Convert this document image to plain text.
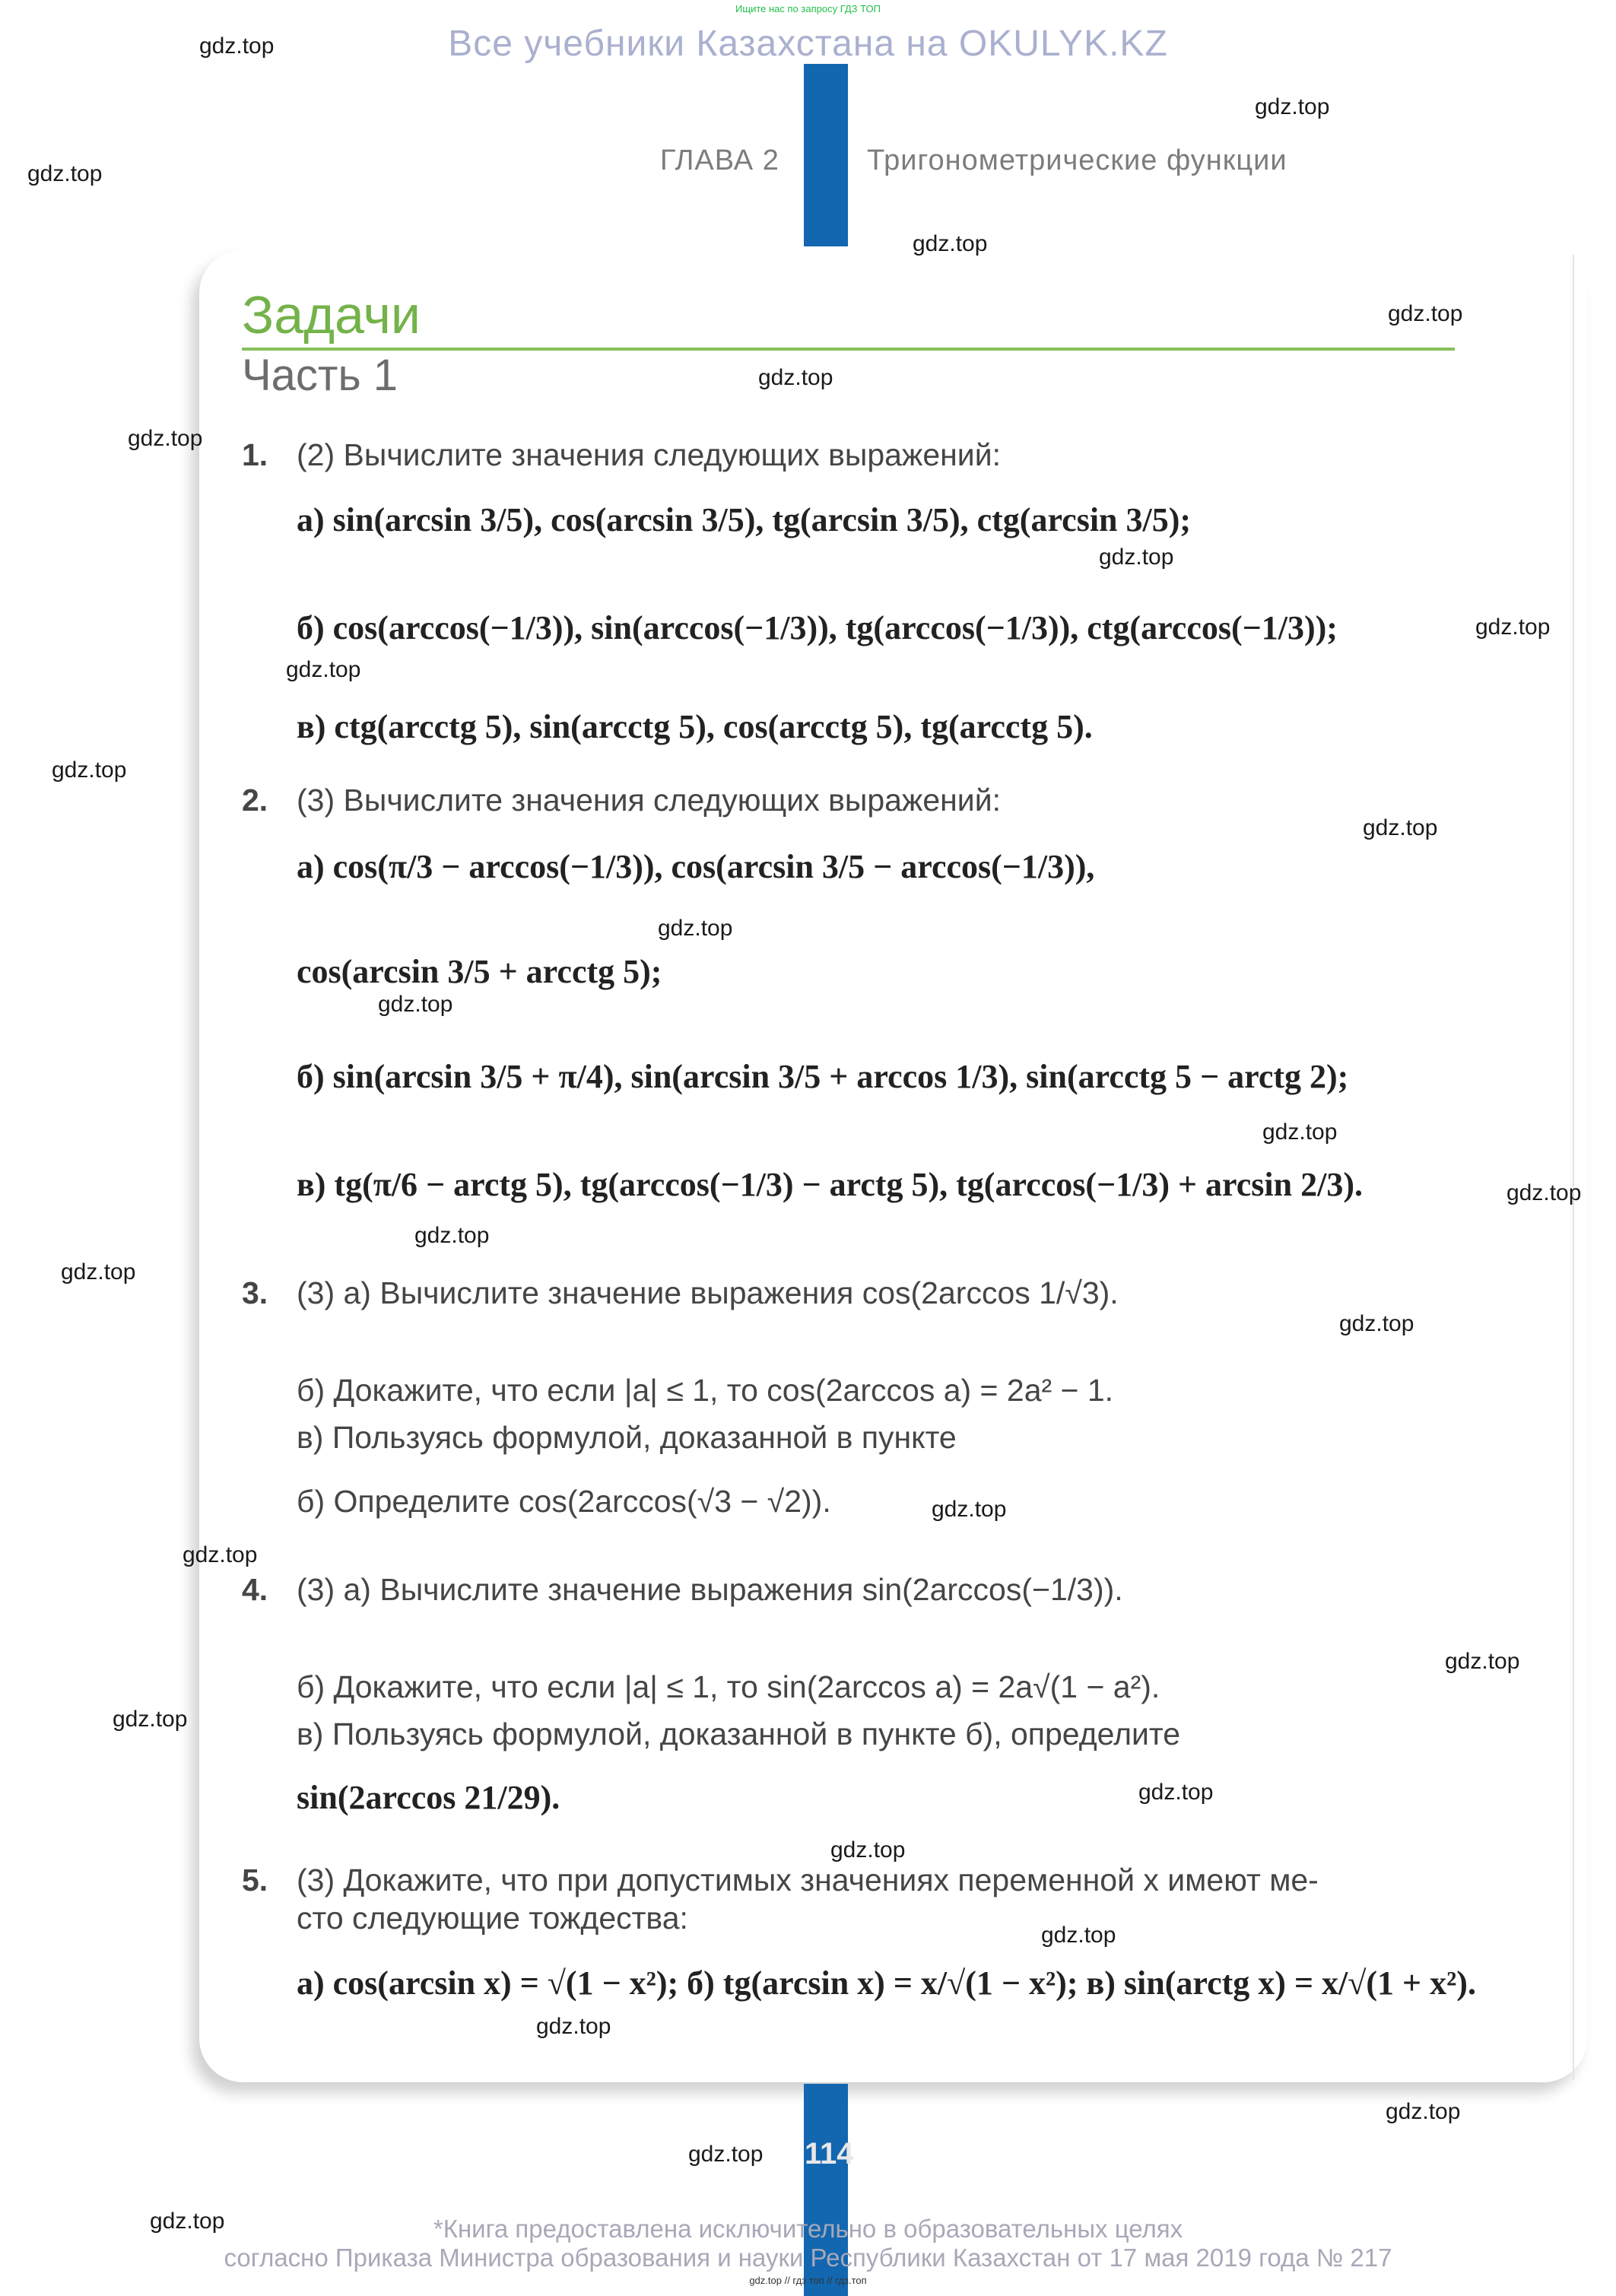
Ищите нас по запросу ГДЗ ТОП
Все учебники Казахстана на OKULYK.KZ
ГЛАВА 2	Тригонометрические функции
Задачи
Часть 1
1. (2) Вычислите значения следующих выражений:
а) sin(arcsin 3/5), cos(arcsin 3/5), tg(arcsin 3/5), ctg(arcsin 3/5);
б) cos(arccos(−1/3)), sin(arccos(−1/3)), tg(arccos(−1/3)), ctg(arccos(−1/3));
в) ctg(arcctg 5), sin(arcctg 5), cos(arcctg 5), tg(arcctg 5).
2. (3) Вычислите значения следующих выражений:
а) cos(π/3 − arccos(−1/3)), cos(arcsin 3/5 − arccos(−1/3)),
cos(arcsin 3/5 + arcctg 5);
б) sin(arcsin 3/5 + π/4), sin(arcsin 3/5 + arccos 1/3), sin(arcctg 5 − arctg 2);
в) tg(π/6 − arctg 5), tg(arccos(−1/3) − arctg 5), tg(arccos(−1/3) + arcsin 2/3).
3. (3) а) Вычислите значение выражения cos(2arccos 1/√3).
б) Докажите, что если |a| ≤ 1, то cos(2arccos a) = 2a² − 1.
в) Пользуясь формулой, доказанной в пункте
б) Определите cos(2arccos(√3 − √2)).
4. (3) а) Вычислите значение выражения sin(2arccos(−1/3)).
б) Докажите, что если |a| ≤ 1, то sin(2arccos a) = 2a√(1 − a²).
в) Пользуясь формулой, доказанной в пункте б), определите
sin(2arccos 21/29).
5. (3) Докажите, что при допустимых значениях переменной x имеют ме-
сто следующие тождества:
а) cos(arcsin x) = √(1 − x²); б) tg(arcsin x) = x/√(1 − x²); в) sin(arctg x) = x/√(1 + x²).
114
*Книга предоставлена исключительно в образовательных целях
согласно Приказа Министра образования и науки Республики Казахстан от 17 мая 2019 года № 217
gdz.top // гдз топ // гдз.топ
gdz.top
gdz.top
gdz.top
gdz.top
gdz.top
gdz.top
gdz.top
gdz.top
gdz.top
gdz.top
gdz.top
gdz.top
gdz.top
gdz.top
gdz.top
gdz.top
gdz.top
gdz.top
gdz.top
gdz.top
gdz.top
gdz.top
gdz.top
gdz.top
gdz.top
gdz.top
gdz.top
gdz.top
gdz.top
gdz.top
